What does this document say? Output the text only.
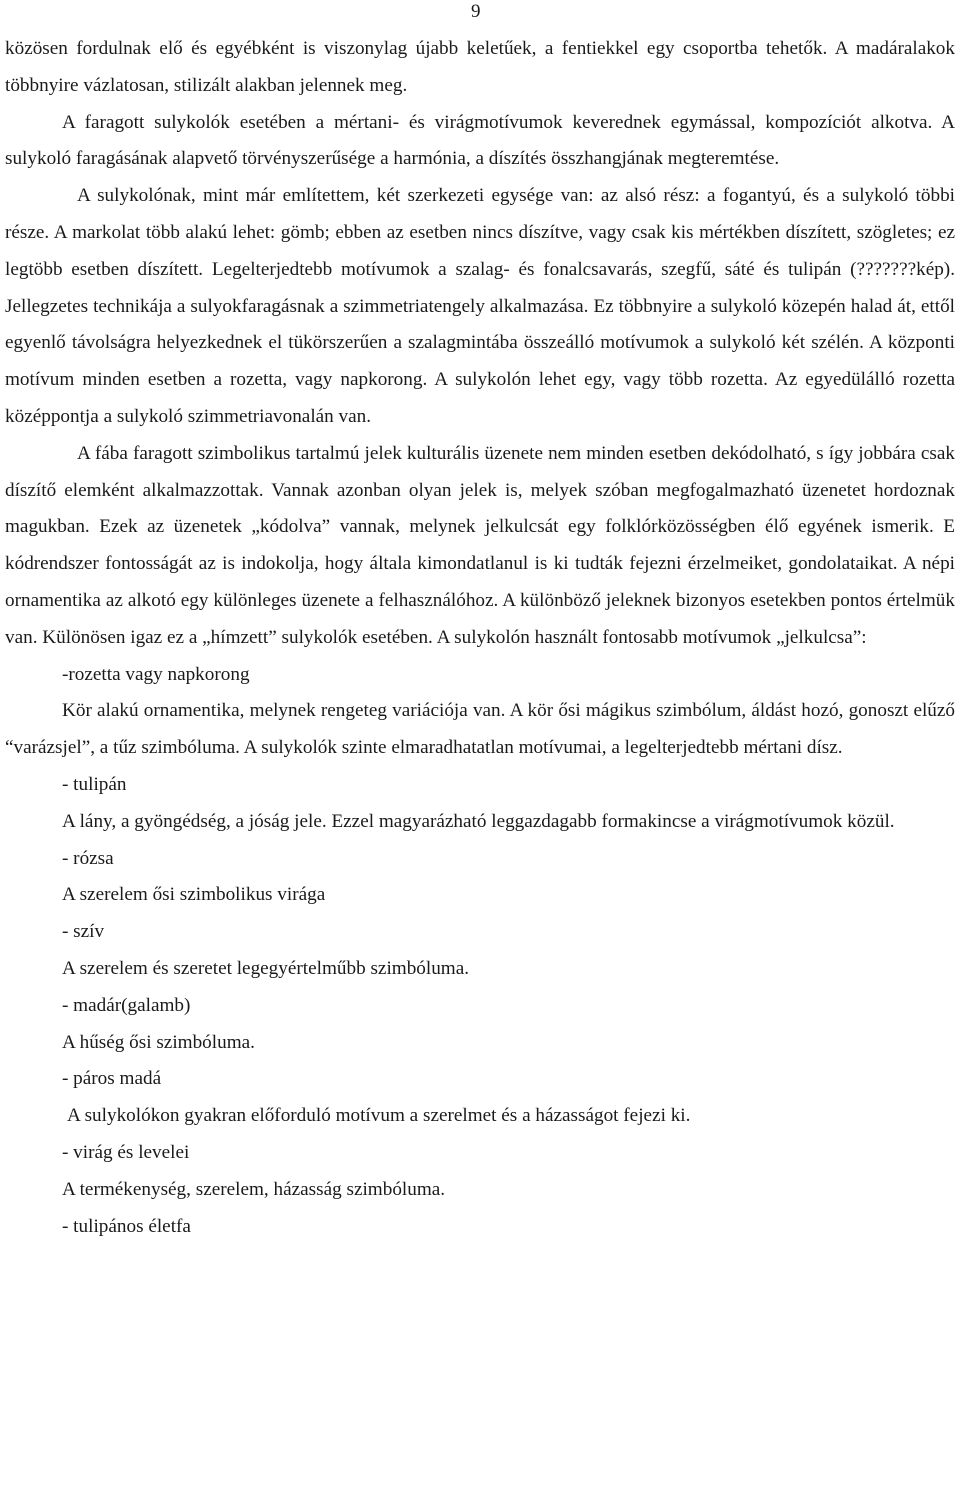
9

közösen fordulnak elő és egyébként is viszonylag újabb keletűek, a fentiekkel egy csoportba tehetők. A madáralakok többnyire vázlatosan, stilizált alakban jelennek meg.

A faragott sulykolók esetében a mértani- és virágmotívumok keverednek egymással, kompozíciót alkotva. A sulykoló faragásának alapvető törvényszerűsége a harmónia, a díszítés összhangjának megteremtése.

A sulykolónak, mint már említettem, két szerkezeti egysége van: az alsó rész: a fogantyú, és a sulykoló többi része. A markolat több alakú lehet: gömb; ebben az esetben nincs díszítve, vagy csak kis mértékben díszített, szögletes; ez legtöbb esetben díszített. Legelterjedtebb motívumok a szalag- és fonalcsavarás, szegfű, sáté és tulipán (???????kép). Jellegzetes technikája a sulyokfaragásnak a szimmetriatengely alkalmazása. Ez többnyire a sulykoló közepén halad át, ettől egyenlő távolságra helyezkednek el tükörszerűen a szalagmintába összeálló motívumok a sulykoló két szélén. A központi motívum minden esetben a rozetta, vagy napkorong. A sulykolón lehet egy, vagy több rozetta. Az egyedülálló rozetta középpontja a sulykoló szimmetriavonalán van.

A fába faragott szimbolikus tartalmú jelek kulturális üzenete nem minden esetben dekódolható, s így jobbára csak díszítő elemként alkalmazzottak. Vannak azonban olyan jelek is, melyek szóban megfogalmazható üzenetet hordoznak magukban. Ezek az üzenetek „kódolva” vannak, melynek jelkulcsát egy folklórközösségben élő egyének ismerik. E kódrendszer fontosságát az is indokolja, hogy általa kimondatlanul is ki tudták fejezni érzelmeiket, gondolataikat. A népi ornamentika az alkotó egy különleges üzenete a felhasználóhoz. A különböző jeleknek bizonyos esetekben pontos értelmük van. Különösen igaz ez a „hímzett” sulykolók esetében. A sulykolón használt fontosabb motívumok „jelkulcsa”:

-rozetta vagy napkorong

Kör alakú ornamentika, melynek rengeteg variációja van. A kör ősi mágikus szimbólum, áldást hozó, gonoszt elűző “varázsjel”, a tűz szimbóluma. A sulykolók szinte elmaradhatatlan motívumai, a legelterjedtebb mértani dísz.

- tulipán

A lány, a gyöngédség, a jóság jele. Ezzel magyarázható leggazdagabb formakincse a virágmotívumok közül.

- rózsa

A szerelem ősi szimbolikus virága

- szív

A szerelem és szeretet legegyértelműbb szimbóluma.

- madár(galamb)

A hűség ősi szimbóluma.

- páros madá

A sulykolókon gyakran előforduló motívum a szerelmet és a házasságot fejezi ki.

- virág és levelei

A termékenység, szerelem, házasság szimbóluma.

- tulipános életfa
